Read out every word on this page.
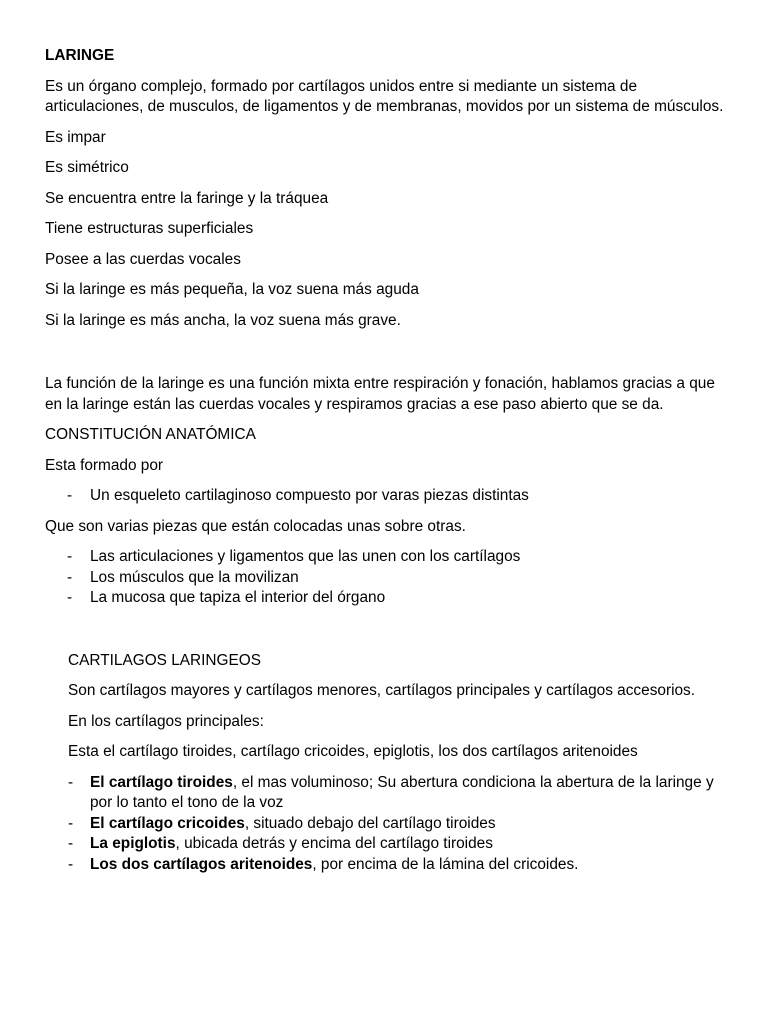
LARINGE

Es un órgano complejo, formado por cartílagos unidos entre si mediante un sistema de articulaciones, de musculos, de ligamentos y de membranas, movidos por un sistema de músculos.

Es impar

Es simétrico

Se encuentra entre la faringe y la tráquea

Tiene estructuras superficiales

Posee a las cuerdas vocales

Si la laringe es más pequeña, la voz suena más aguda

Si la laringe es más ancha, la voz suena más grave.

La función de la laringe es una función mixta entre respiración y fonación, hablamos gracias a que en la laringe están las cuerdas vocales y respiramos gracias a ese paso abierto que se da.

CONSTITUCIÓN ANATÓMICA

Esta formado por

- Un esqueleto cartilaginoso compuesto por varas piezas distintas

Que son varias piezas que están colocadas unas sobre otras.

- Las articulaciones y ligamentos que las unen con los cartílagos
- Los músculos que la movilizan
- La mucosa que tapiza el interior del órgano

CARTILAGOS LARINGEOS

Son cartílagos mayores y cartílagos menores, cartílagos principales y cartílagos accesorios.

En los cartílagos principales:

Esta el cartílago tiroides, cartílago cricoides, epiglotis, los dos cartílagos aritenoides

- El cartílago tiroides, el mas voluminoso; Su abertura condiciona la abertura de la laringe y por lo tanto el tono de la voz
- El cartílago cricoides, situado debajo del cartílago tiroides
- La epiglotis, ubicada detrás y encima del cartílago tiroides
- Los dos cartílagos aritenoides, por encima de la lámina del cricoides.
